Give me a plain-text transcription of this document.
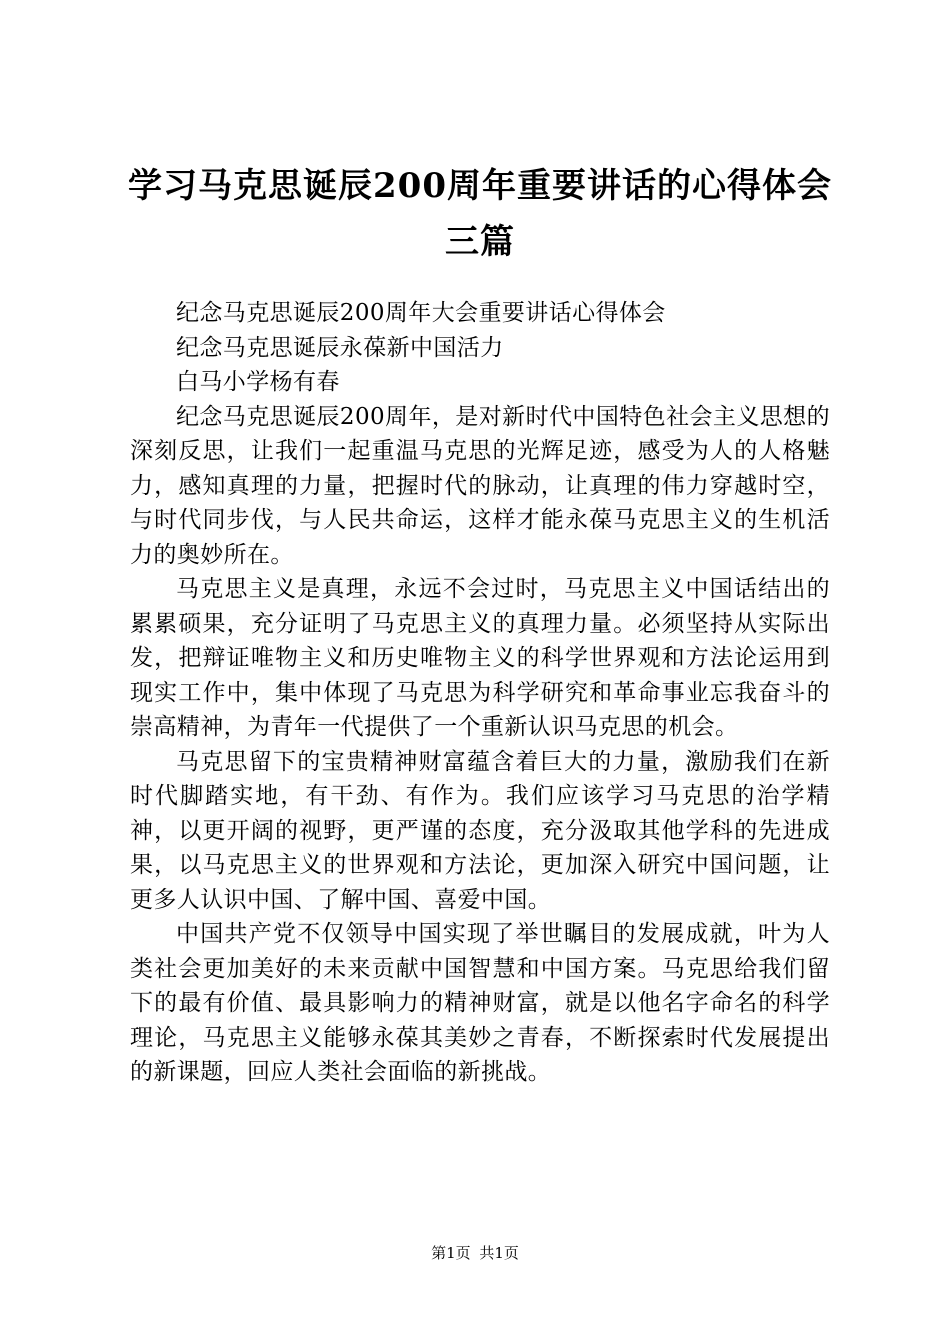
学习马克思诞辰200周年重要讲话的心得体会三篇

纪念马克思诞辰200周年大会重要讲话心得体会

纪念马克思诞辰永葆新中国活力

白马小学杨有春

纪念马克思诞辰200周年，是对新时代中国特色社会主义思想的深刻反思，让我们一起重温马克思的光辉足迹，感受为人的人格魅力，感知真理的力量，把握时代的脉动，让真理的伟力穿越时空，与时代同步伐，与人民共命运，这样才能永葆马克思主义的生机活力的奥妙所在。

马克思主义是真理，永远不会过时，马克思主义中国话结出的累累硕果，充分证明了马克思主义的真理力量。必须坚持从实际出发，把辩证唯物主义和历史唯物主义的科学世界观和方法论运用到现实工作中，集中体现了马克思为科学研究和革命事业忘我奋斗的崇高精神，为青年一代提供了一个重新认识马克思的机会。

马克思留下的宝贵精神财富蕴含着巨大的力量，激励我们在新时代脚踏实地，有干劲、有作为。我们应该学习马克思的治学精神，以更开阔的视野，更严谨的态度，充分汲取其他学科的先进成果，以马克思主义的世界观和方法论，更加深入研究中国问题，让更多人认识中国、了解中国、喜爱中国。

中国共产党不仅领导中国实现了举世瞩目的发展成就，叶为人类社会更加美好的未来贡献中国智慧和中国方案。马克思给我们留下的最有价值、最具影响力的精神财富，就是以他名字命名的科学理论，马克思主义能够永葆其美妙之青春，不断探索时代发展提出的新课题，回应人类社会面临的新挑战。

第1页 共1页
